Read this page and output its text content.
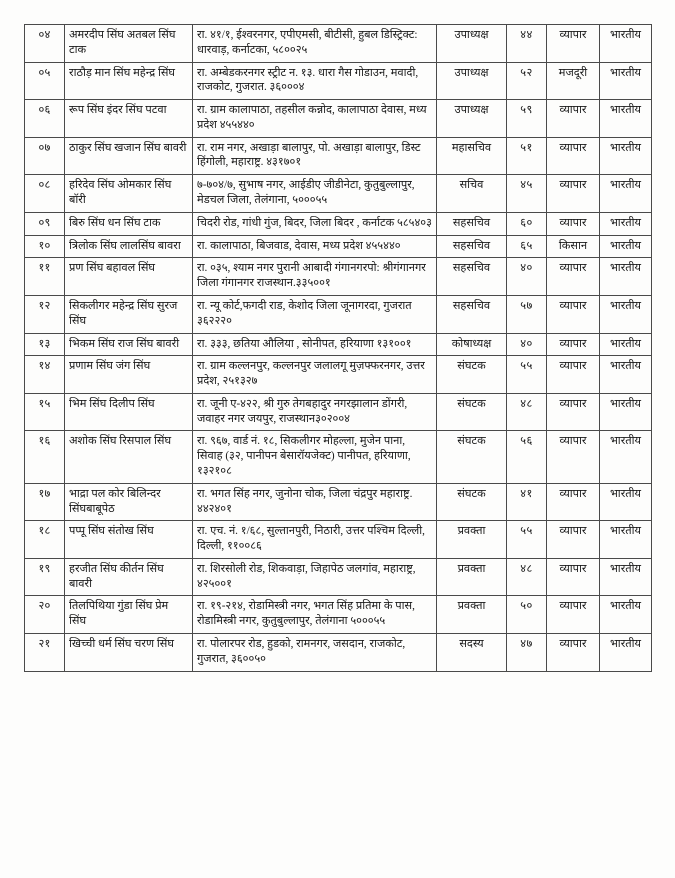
०४	अमरदीप सिंघ अतबल सिंघ टाक	रा. ४१/१, ईश्वरनगर, एपीएमसी, बीटीसी, हुबल डिस्ट्रिक्ट: धारवाड़, कर्नाटका, ५८००२५	उपाध्यक्ष	४४	व्यापार	भारतीय
०५	राठौड़ मान सिंघ महेन्द्र सिंघ	रा. अम्बेडकरनगर स्ट्रीट न. १३. धारा गैस गोडाउन, मवादी, राजकोट, गुजरात. ३६०००४	उपाध्यक्ष	५२	मजदूरी	भारतीय
०६	रूप सिंघ इंदर सिंघ पटवा	रा. ग्राम कालापाठा, तहसील कन्नोद, कालापाठा देवास, मध्य प्रदेश ४५५४४०	उपाध्यक्ष	५९	व्यापार	भारतीय
०७	ठाकुर सिंघ खजान सिंघ बावरी	रा. राम नगर, अखाड़ा बालापुर, पो. अखाड़ा बालापुर, डिस्ट हिंगोली, महाराष्ट्र. ४३१७०१	महासचिव	५१	व्यापार	भारतीय
०८	हरिदेव सिंघ ओमकार सिंघ बॉरी	७-७०४/७, सुभाष नगर, आईडीए जीडीनेटा, कुतुबुल्लापुर, मेडचल जिला, तेलंगाना, ५०००५५	सचिव	४५	व्यापार	भारतीय
०९	बिरु सिंघ धन सिंघ टाक	चिदरी रोड, गांधी गुंज, बिदर, जिला बिदर , कर्नाटक ५८५४०३	सहसचिव	६०	व्यापार	भारतीय
१०	त्रिलोक सिंघ लालसिंघ बावरा	रा. कालापाठा, बिजवाड, देवास, मध्य प्रदेश ४५५४४०	सहसचिव	६५	किसान	भारतीय
११	प्रण सिंघ बहावल सिंघ	रा. ०३५, श्याम नगर पुरानी आबादी गंगानगरपो: श्रीगंगानगर जिला गंगानगर राजस्थान.३३५००१	सहसचिव	४०	व्यापार	भारतीय
१२	सिकलीगर महेन्द्र सिंघ सुरज सिंघ	रा. न्यू कोर्ट,फगदी राड, केशोद जिला जूनागरदा, गुजरात ३६२२२०	सहसचिव	५७	व्यापार	भारतीय
१३	भिकम सिंघ राज सिंघ बावरी	रा. ३३३, छतिया औलिया , सोनीपत, हरियाणा १३१००१	कोषाध्यक्ष	४०	व्यापार	भारतीय
१४	प्रणाम सिंघ जंग सिंघ	रा. ग्राम कल्लनपुर, कल्लनपुर जलालगू मुज़फ्फरनगर, उत्तर प्रदेश, २५१३२७	संघटक	५५	व्यापार	भारतीय
१५	भिम सिंघ दिलीप सिंघ	रा. जूनी ए-४२२, श्री गुरु तेगबहादुर नगरझालान डोंगरी, जवाहर नगर जयपुर, राजस्थान३०२००४	संघटक	४८	व्यापार	भारतीय
१६	अशोक सिंघ रिसपाल सिंघ	रा. ९६७, वार्ड नं. १८, सिकलीगर मोहल्ला, मुजेन पाना, सिवाह (३२, पानीपन बेसारॉयजेक्ट) पानीपत, हरियाणा, १३२१०८	संघटक	५६	व्यापार	भारतीय
१७	भाद्रा पल कोर बिलिन्दर सिंघबाबूपेठ	रा. भगत सिंह नगर, जुनोना चोक, जिला चंद्रपुर महाराष्ट्र. ४४२४०१	संघटक	४१	व्यापार	भारतीय
१८	पप्पू सिंघ संतोख सिंघ	रा. एच. नं. १/६८, सुल्तानपुरी, निठारी, उत्तर पश्चिम दिल्ली, दिल्ली, ११००८६	प्रवक्ता	५५	व्यापार	भारतीय
१९	हरजीत सिंघ कीर्तन सिंघ बावरी	रा. शिरसोली रोड, शिकवाड़ा, जिहापेठ जलगांव, महाराष्ट्र, ४२५००१	प्रवक्ता	४८	व्यापार	भारतीय
२०	तिलपिथिया गुंडा सिंघ प्रेम सिंघ	रा. १९-२१४, रोडामिस्त्री नगर, भगत सिंह प्रतिमा के पास, रोडामिस्त्री नगर, कुतुबुल्लापुर, तेलंगाना ५०००५५	प्रवक्ता	५०	व्यापार	भारतीय
२१	खिच्ची धर्म सिंघ चरण सिंघ	रा. पोलारपर रोड, हुडको, रामनगर, जसदान, राजकोट, गुजरात, ३६००५०	सदस्य	४७	व्यापार	भारतीय
